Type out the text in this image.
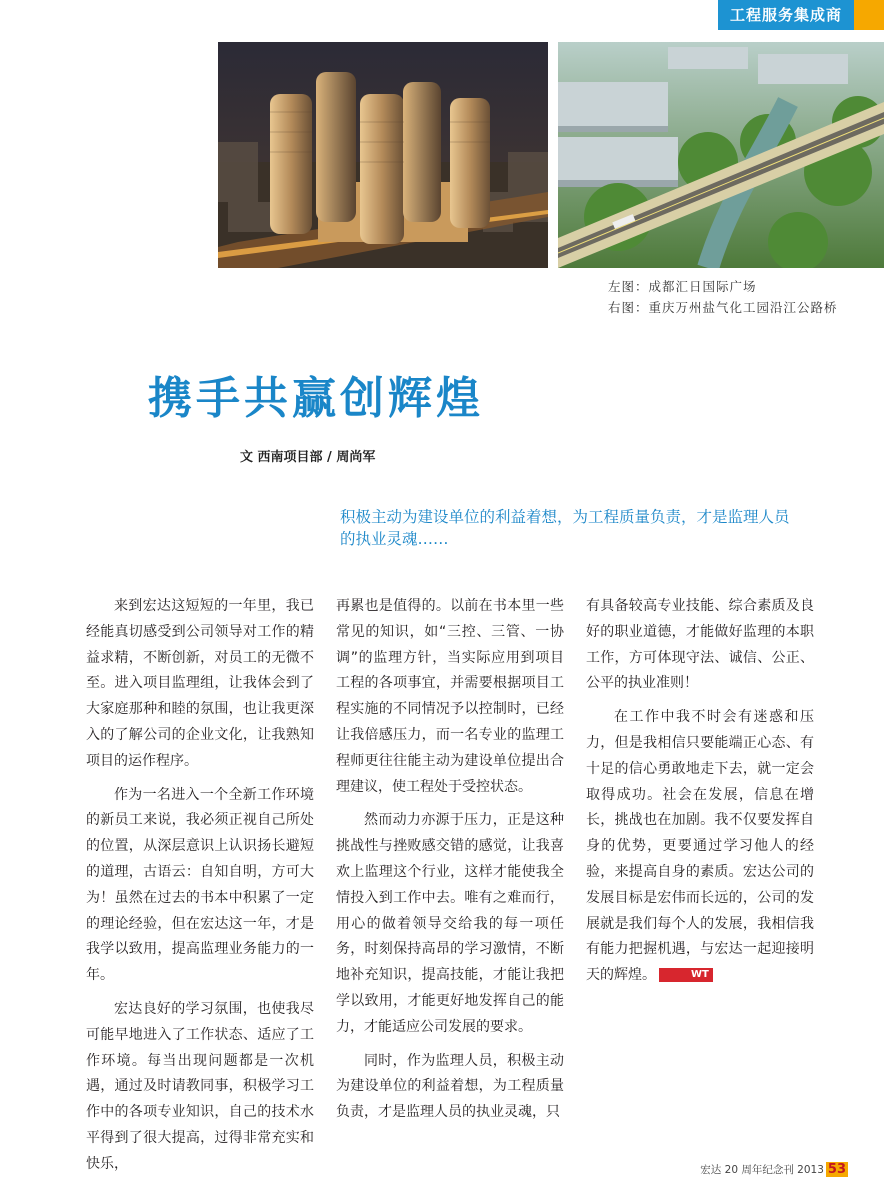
工程服务集成商
左图：成都汇日国际广场
右图：重庆万州盐气化工园沿江公路桥
携手共赢创辉煌
文 西南项目部 / 周尚军
积极主动为建设单位的利益着想，为工程质量负责，才是监理人员的执业灵魂……

来到宏达这短短的一年里，我已经能真切感受到公司领导对工作的精益求精，不断创新，对员工的无微不至。进入项目监理组，让我体会到了大家庭那种和睦的氛围，也让我更深入的了解公司的企业文化，让我熟知项目的运作程序。

作为一名进入一个全新工作环境的新员工来说，我必须正视自己所处的位置，从深层意识上认识扬长避短的道理，古语云：自知自明，方可大为！虽然在过去的书本中积累了一定的理论经验，但在宏达这一年，才是我学以致用，提高监理业务能力的一年。

宏达良好的学习氛围，也使我尽可能早地进入了工作状态、适应了工作环境。每当出现问题都是一次机遇，通过及时请教同事，积极学习工作中的各项专业知识，自己的技术水平得到了很大提高，过得非常充实和快乐，

再累也是值得的。以前在书本里一些常见的知识，如“三控、三管、一协调”的监理方针，当实际应用到项目工程的各项事宜，并需要根据项目工程实施的不同情况予以控制时，已经让我倍感压力，而一名专业的监理工程师更往往能主动为建设单位提出合理建议，使工程处于受控状态。

然而动力亦源于压力，正是这种挑战性与挫败感交错的感觉，让我喜欢上监理这个行业，这样才能使我全情投入到工作中去。唯有之难而行，用心的做着领导交给我的每一项任务，时刻保持高昂的学习激情，不断地补充知识，提高技能，才能让我把学以致用，才能更好地发挥自己的能力，才能适应公司发展的要求。

同时，作为监理人员，积极主动为建设单位的利益着想，为工程质量负责，才是监理人员的执业灵魂，只

有具备较高专业技能、综合素质及良好的职业道德，才能做好监理的本职工作，方可体现守法、诚信、公正、公平的执业准则！

在工作中我不时会有迷惑和压力，但是我相信只要能端正心态、有十足的信心勇敢地走下去，就一定会取得成功。社会在发展，信息在增长，挑战也在加剧。我不仅要发挥自身的优势，更要通过学习他人的经验，来提高自身的素质。宏达公司的发展目标是宏伟而长远的，公司的发展就是我们每个人的发展，我相信我有能力把握机遇，与宏达一起迎接明天的辉煌。	WT

宏达 20 周年纪念刊 2013 53
